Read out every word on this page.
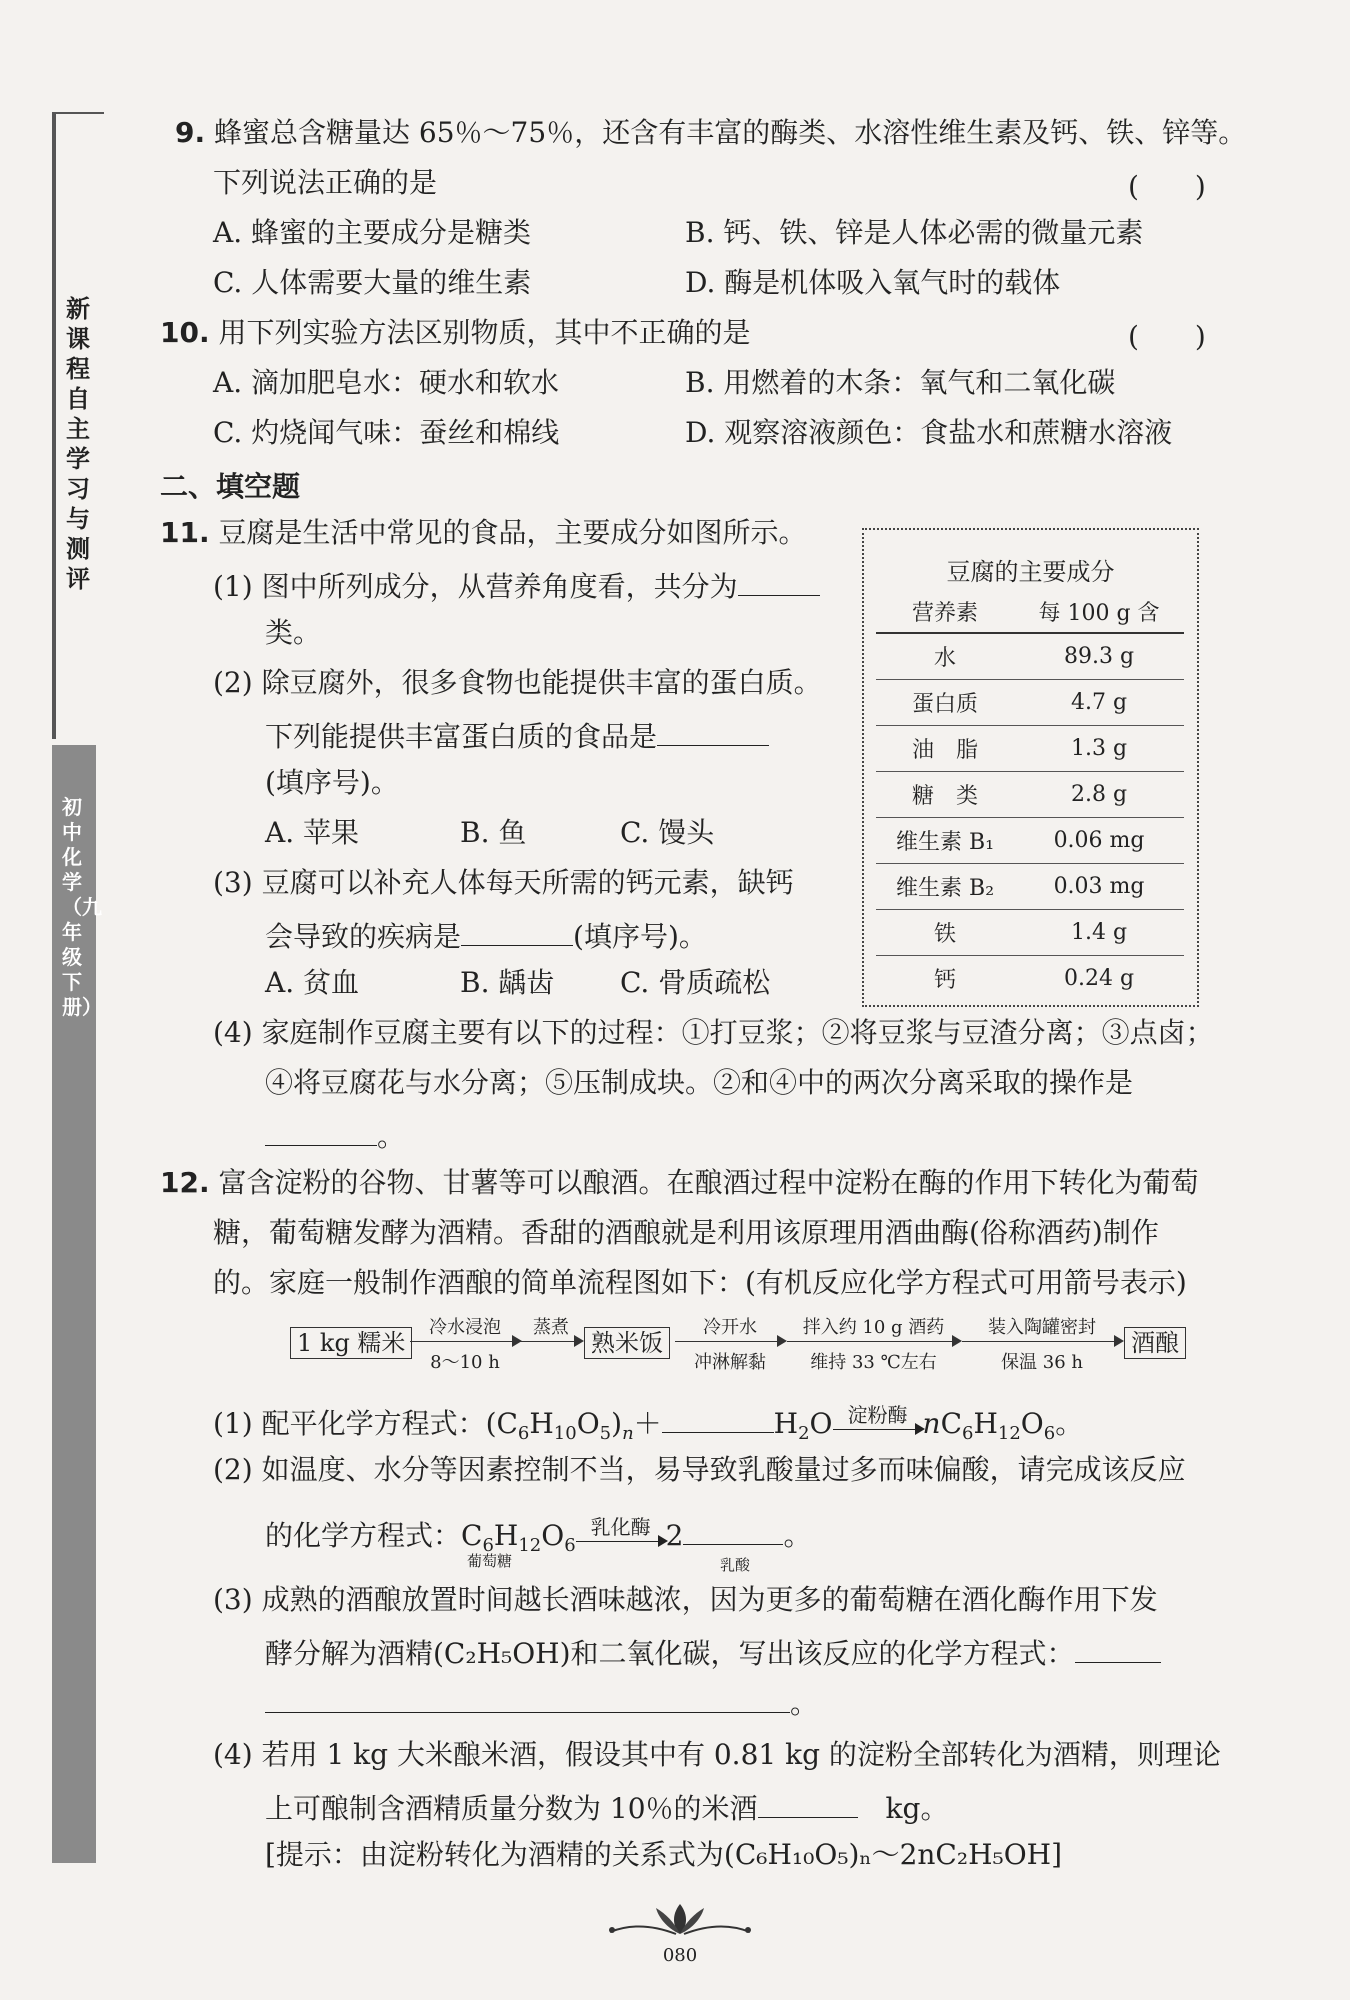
新课程自主学习与测评
初中化学（九年级下册）
9. 蜂蜜总含糖量达 65％～75％，还含有丰富的酶类、水溶性维生素及钙、铁、锌等。
下列说法正确的是	(　　)
A. 蜂蜜的主要成分是糖类	B. 钙、铁、锌是人体必需的微量元素
C. 人体需要大量的维生素	D. 酶是机体吸入氧气时的载体
10. 用下列实验方法区别物质，其中不正确的是	(　　)
A. 滴加肥皂水：硬水和软水	B. 用燃着的木条：氧气和二氧化碳
C. 灼烧闻气味：蚕丝和棉线	D. 观察溶液颜色：食盐水和蔗糖水溶液
二、填空题
11. 豆腐是生活中常见的食品，主要成分如图所示。
(1) 图中所列成分，从营养角度看，共分为
类。
(2) 除豆腐外，很多食物也能提供丰富的蛋白质。
下列能提供丰富蛋白质的食品是
(填序号)。
A. 苹果	B. 鱼	C. 馒头
(3) 豆腐可以补充人体每天所需的钙元素，缺钙
会导致的疾病是	(填序号)。
A. 贫血	B. 龋齿 C. 骨质疏松
(4) 家庭制作豆腐主要有以下的过程：①打豆浆；②将豆浆与豆渣分离；③点卤；
④将豆腐花与水分离；⑤压制成块。②和④中的两次分离采取的操作是
。
豆腐的主要成分
营养素	每 100 g 含
水	89.3 g
蛋白质	4.7 g
油　脂	1.3 g
糖　类	2.8 g
维生素 B₁	0.06 mg
维生素 B₂	0.03 mg
铁	1.4 g
钙	0.24 g
12. 富含淀粉的谷物、甘薯等可以酿酒。在酿酒过程中淀粉在酶的作用下转化为葡萄
糖，葡萄糖发酵为酒精。香甜的酒酿就是利用该原理用酒曲酶(俗称酒药)制作
的。家庭一般制作酒酿的简单流程图如下：(有机反应化学方程式可用箭号表示)
1 kg 糯米
冷水浸泡
8～10 h
蒸煮
熟米饭
冷开水
冲淋解黏
拌入约 10 g 酒药
维持 33 ℃左右
装入陶罐密封
保温 36 h
酒酿
(1) 配平化学方程式：$(C_6H_{10}O_5)_n+$	$H_2O$ 淀粉酶 $nC_6H_{12}O_6$。
(2) 如温度、水分等因素控制不当，易导致乳酸量过多而味偏酸，请完成该反应
的化学方程式：$C_6H_{12}O_6$
乳化酶 2	。
葡萄糖	乳酸
(3) 成熟的酒酿放置时间越长酒味越浓，因为更多的葡萄糖在酒化酶作用下发
酵分解为酒精(C₂H₅OH)和二氧化碳，写出该反应的化学方程式：
。
(4) 若用 1 kg 大米酿米酒，假设其中有 0.81 kg 的淀粉全部转化为酒精，则理论
上可酿制含酒精质量分数为 10％的米酒　	kg。
[提示：由淀粉转化为酒精的关系式为(C₆H₁₀O₅)ₙ～2nC₂H₅OH]
080
